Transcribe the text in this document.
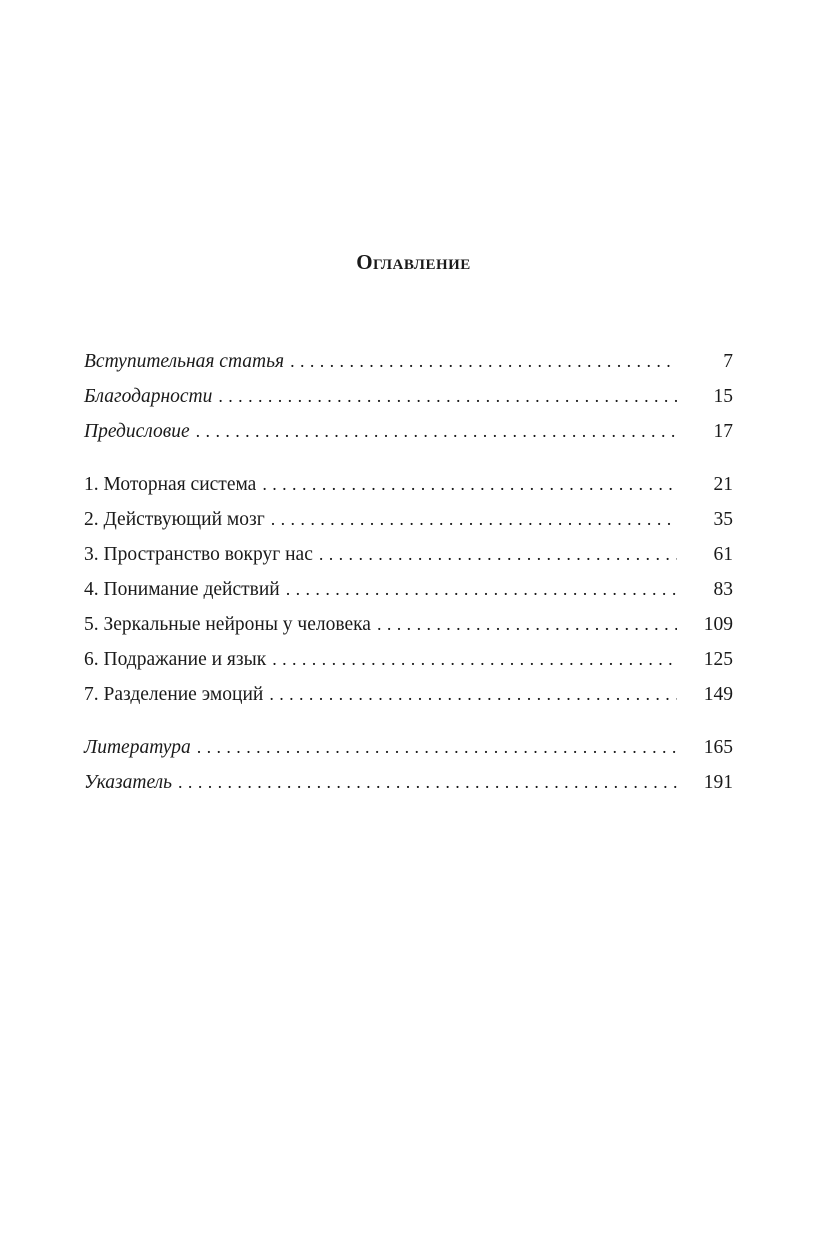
Оглавление
Вступительная статья . . .	7
Благодарности . . .	15
Предисловие . . .	17
1. Моторная система . . .	21
2. Действующий мозг . . .	35
3. Пространство вокруг нас . . .	61
4. Понимание действий . . .	83
5. Зеркальные нейроны у человека . . .	109
6. Подражание и язык . . .	125
7. Разделение эмоций . . .	149
Литература . . .	165
Указатель . . .	191
